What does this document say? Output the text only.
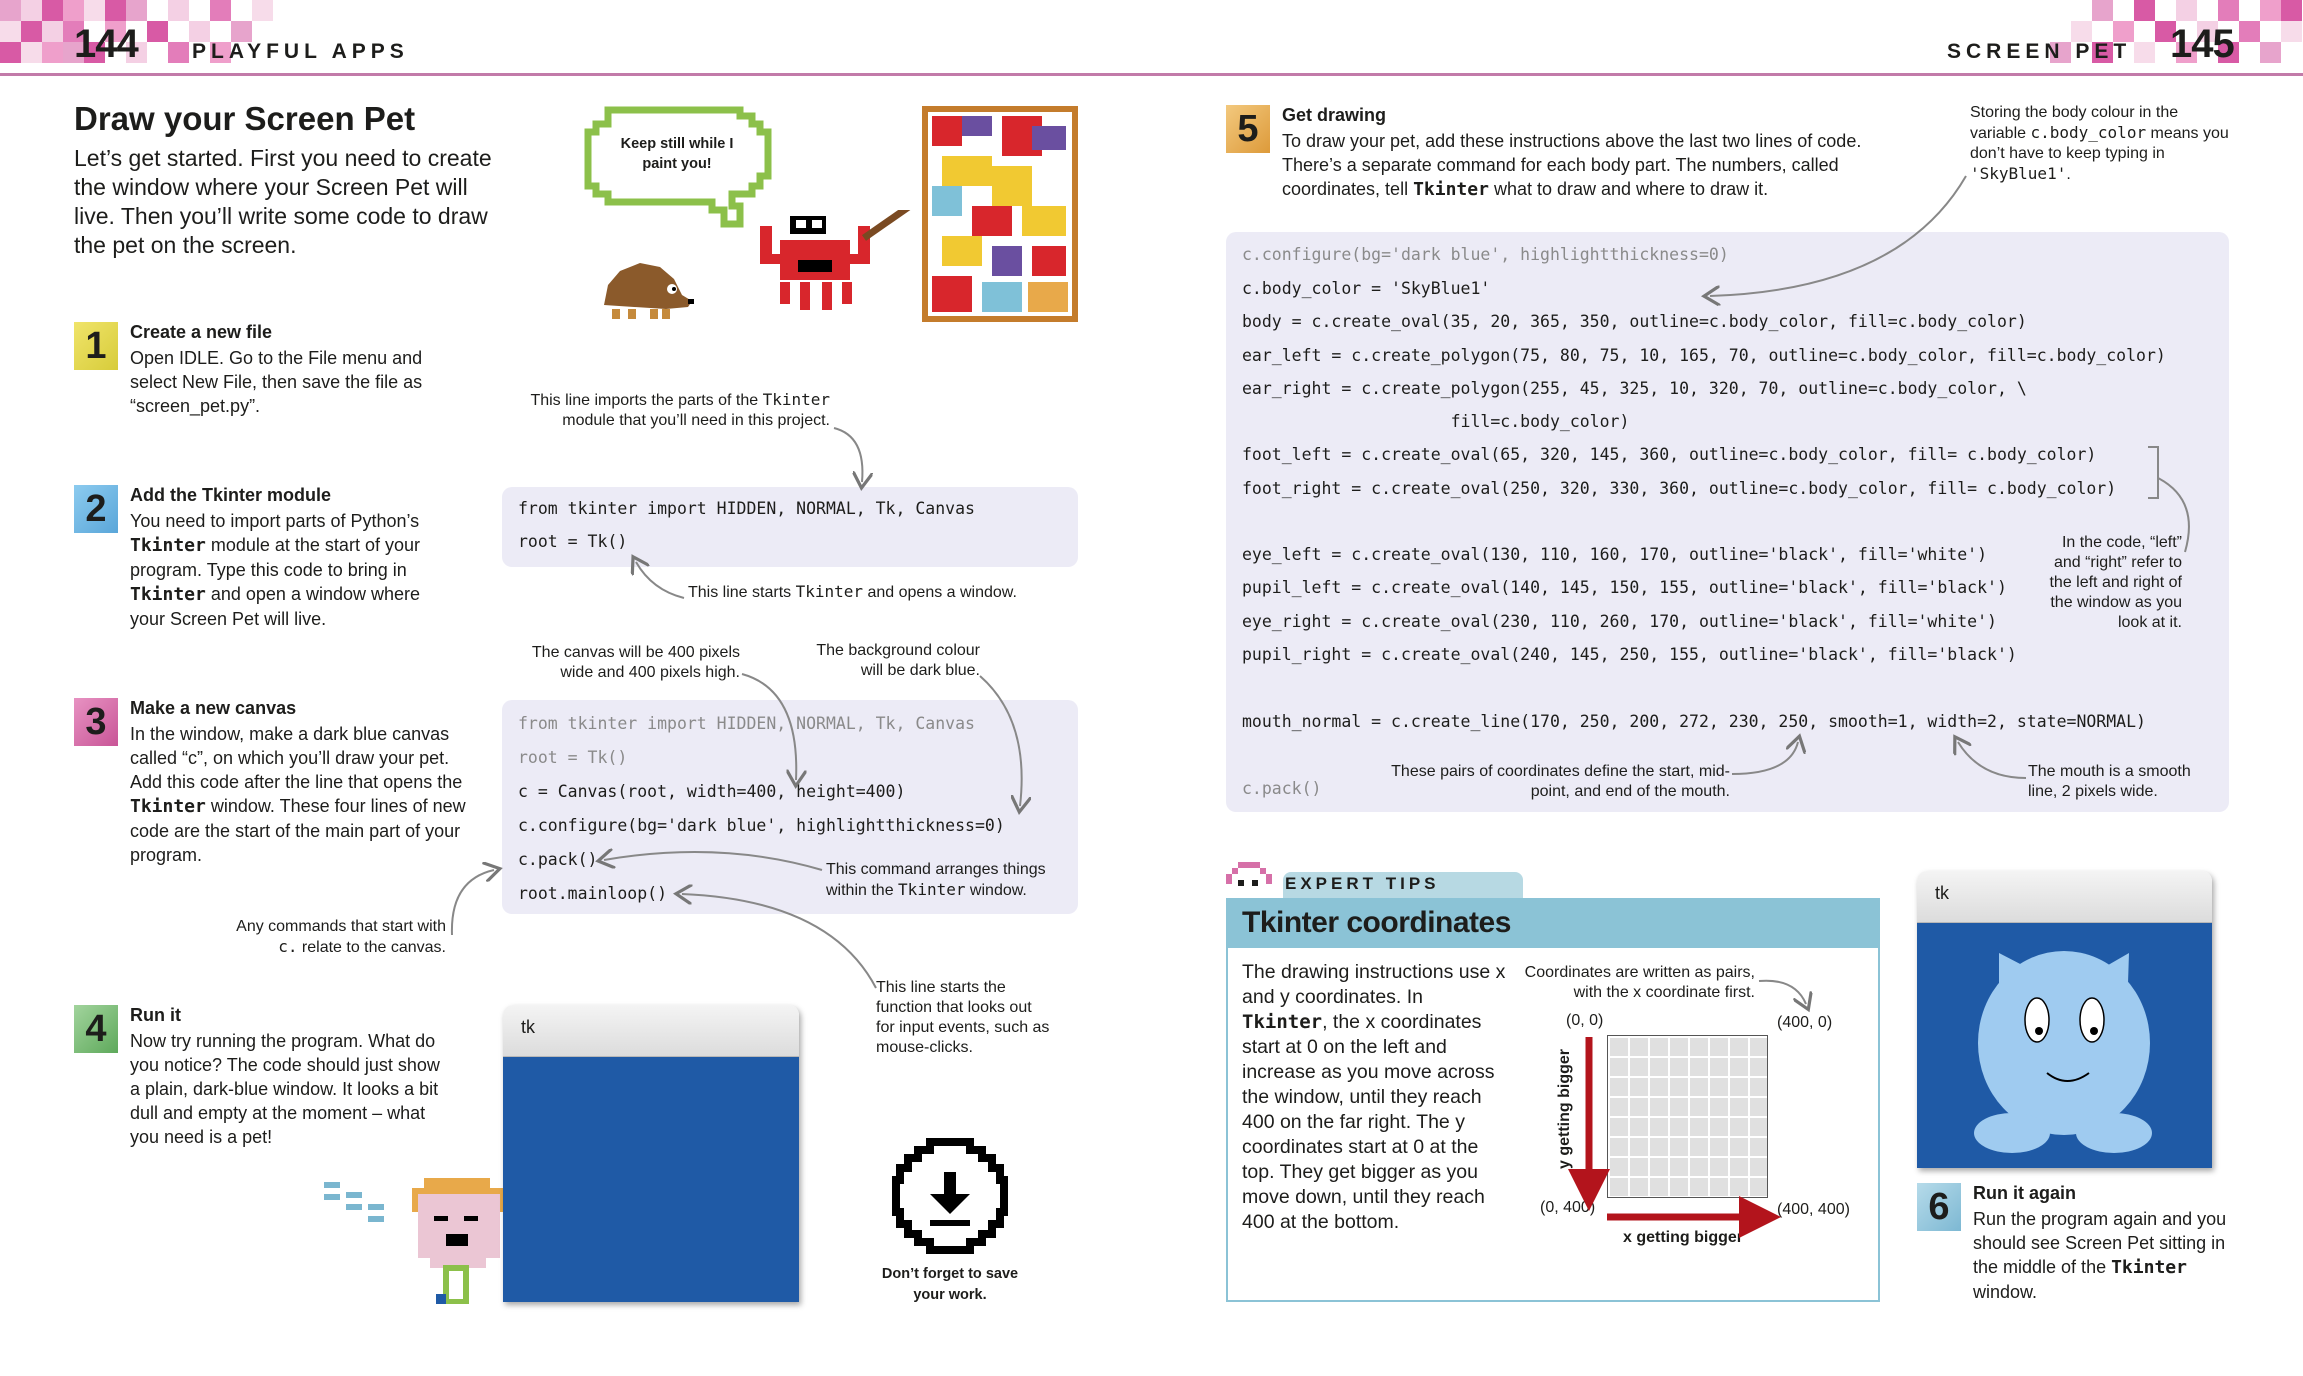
144	PLAYFUL APPS	SCREEN PET 145
Draw your Screen Pet
Let’s get started. First you need to create the window where your Screen Pet will live. Then you’ll write some code to draw the pet on the screen.
Keep still while I paint you!
1	Create a new file
Open IDLE. Go to the File menu and select New File, then save the file as “screen_pet.py”.
2	Add the Tkinter module
You need to import parts of Python’s Tkinter module at the start of your program. Type this code to bring in Tkinter and open a window where your Screen Pet will live.
This line imports the parts of the Tkinter module that you’ll need in this project.
from tkinter import HIDDEN, NORMAL, Tk, Canvas
root = Tk()
This line starts Tkinter and opens a window.
3	Make a new canvas
In the window, make a dark blue canvas called “c”, on which you’ll draw your pet. Add this code after the line that opens the Tkinter window. These four lines of new code are the start of the main part of your program.
The canvas will be 400 pixels wide and 400 pixels high.
The background colour will be dark blue.
from tkinter import HIDDEN, NORMAL, Tk, Canvas
root = Tk()
c = Canvas(root, width=400, height=400)
c.configure(bg='dark blue', highlightthickness=0)
c.pack()
root.mainloop()
This command arranges things within the Tkinter window.
Any commands that start with c. relate to the canvas.
This line starts the function that looks out for input events, such as mouse-clicks.
4	Run it
Now try running the program. What do you notice? The code should just show a plain, dark-blue window. It looks a bit dull and empty at the moment – what you need is a pet!
tk
Don’t forget to save your work.
5	Get drawing
To draw your pet, add these instructions above the last two lines of code. There’s a separate command for each body part. The numbers, called coordinates, tell Tkinter what to draw and where to draw it.
Storing the body colour in the variable c.body_color means you don’t have to keep typing in 'SkyBlue1'.
c.configure(bg='dark blue', highlightthickness=0)
c.body_color = 'SkyBlue1'
body = c.create_oval(35, 20, 365, 350, outline=c.body_color, fill=c.body_color)
ear_left = c.create_polygon(75, 80, 75, 10, 165, 70, outline=c.body_color, fill=c.body_color)
ear_right = c.create_polygon(255, 45, 325, 10, 320, 70, outline=c.body_color, \
fill=c.body_color)
foot_left = c.create_oval(65, 320, 145, 360, outline=c.body_color, fill= c.body_color)
foot_right = c.create_oval(250, 320, 330, 360, outline=c.body_color, fill= c.body_color)
eye_left = c.create_oval(130, 110, 160, 170, outline='black', fill='white')
pupil_left = c.create_oval(140, 145, 150, 155, outline='black', fill='black')
eye_right = c.create_oval(230, 110, 260, 170, outline='black', fill='white')
pupil_right = c.create_oval(240, 145, 250, 155, outline='black', fill='black')
mouth_normal = c.create_line(170, 250, 200, 272, 230, 250, smooth=1, width=2, state=NORMAL)
c.pack()
In the code, “left” and “right” refer to the left and right of the window as you look at it.
These pairs of coordinates define the start, mid-point, and end of the mouth.
The mouth is a smooth line, 2 pixels wide.
EXPERT TIPS
Tkinter coordinates
The drawing instructions use x and y coordinates. In Tkinter, the x coordinates start at 0 on the left and increase as you move across the window, until they reach 400 on the far right. The y coordinates start at 0 at the top. They get bigger as you move down, until they reach 400 at the bottom.
Coordinates are written as pairs, with the x coordinate first.
(0, 0)	(400, 0)
(0, 400)	(400, 400)
y getting bigger
x getting bigger
tk
6	Run it again
Run the program again and you should see Screen Pet sitting in the middle of the Tkinter window.
